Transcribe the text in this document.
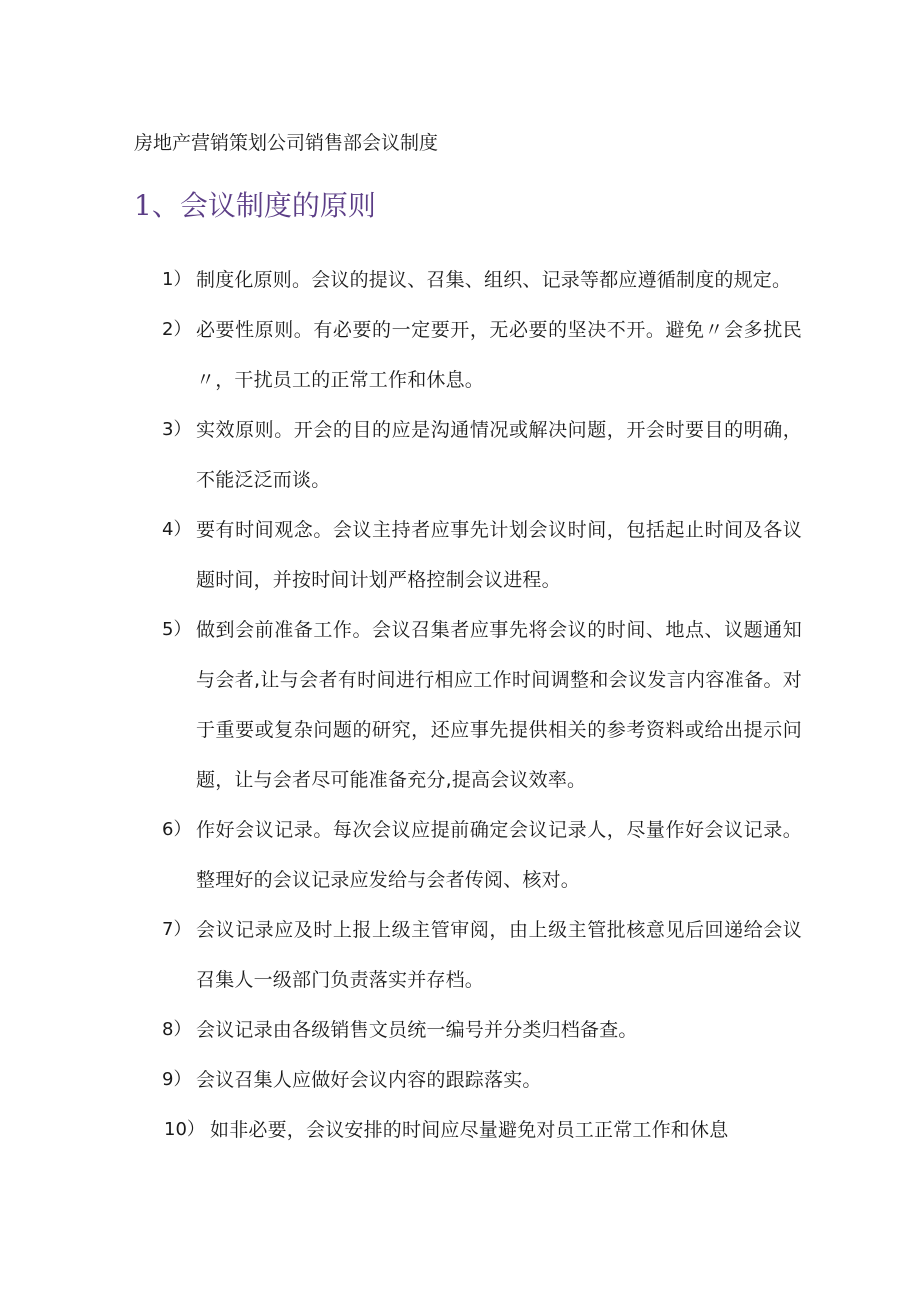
房地产营销策划公司销售部会议制度
1、会议制度的原则
1） 制度化原则。会议的提议、召集、组织、记录等都应遵循制度的规定。
2） 必要性原则。有必要的一定要开，无必要的坚决不开。避免〃会多扰民〃，干扰员工的正常工作和休息。
3） 实效原则。开会的目的应是沟通情况或解决问题，开会时要目的明确，不能泛泛而谈。
4） 要有时间观念。会议主持者应事先计划会议时间，包括起止时间及各议题时间，并按时间计划严格控制会议进程。
5） 做到会前准备工作。会议召集者应事先将会议的时间、地点、议题通知与会者,让与会者有时间进行相应工作时间调整和会议发言内容准备。对于重要或复杂问题的研究，还应事先提供相关的参考资料或给出提示问题，让与会者尽可能准备充分,提高会议效率。
6） 作好会议记录。每次会议应提前确定会议记录人，尽量作好会议记录。整理好的会议记录应发给与会者传阅、核对。
7） 会议记录应及时上报上级主管审阅，由上级主管批核意见后回递给会议召集人一级部门负责落实并存档。
8） 会议记录由各级销售文员统一编号并分类归档备查。
9） 会议召集人应做好会议内容的跟踪落实。
10） 如非必要，会议安排的时间应尽量避免对员工正常工作和休息
